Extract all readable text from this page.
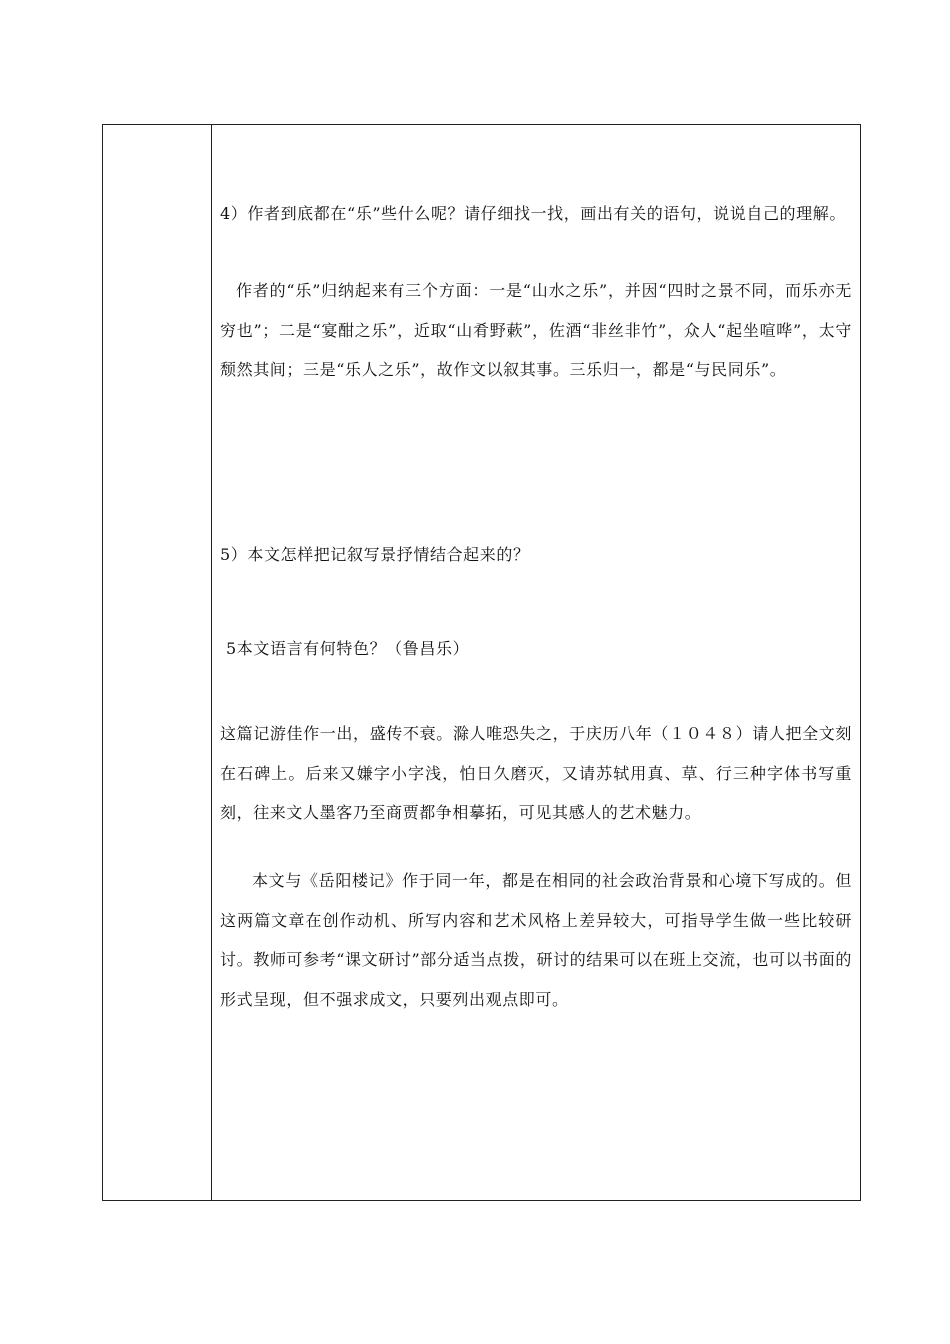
4）作者到底都在“乐”些什么呢？请仔细找一找，画出有关的语句，说说自己的理解。

作者的“乐”归纳起来有三个方面：一是“山水之乐”，并因“四时之景不同，而乐亦无穷也”；二是“宴酣之乐”，近取“山肴野蔌”，佐酒“非丝非竹”，众人“起坐喧哗”，太守颓然其间；三是“乐人之乐”，故作文以叙其事。三乐归一，都是“与民同乐”。

5）本文怎样把记叙写景抒情结合起来的？

5本文语言有何特色？（鲁昌乐）

这篇记游佳作一出，盛传不衰。滁人唯恐失之，于庆历八年（１０４８）请人把全文刻在石碑上。后来又嫌字小字浅，怕日久磨灭，又请苏轼用真、草、行三种字体书写重刻，往来文人墨客乃至商贾都争相摹拓，可见其感人的艺术魅力。

本文与《岳阳楼记》作于同一年，都是在相同的社会政治背景和心境下写成的。但这两篇文章在创作动机、所写内容和艺术风格上差异较大，可指导学生做一些比较研讨。教师可参考“课文研讨”部分适当点拨，研讨的结果可以在班上交流，也可以书面的形式呈现，但不强求成文，只要列出观点即可。
